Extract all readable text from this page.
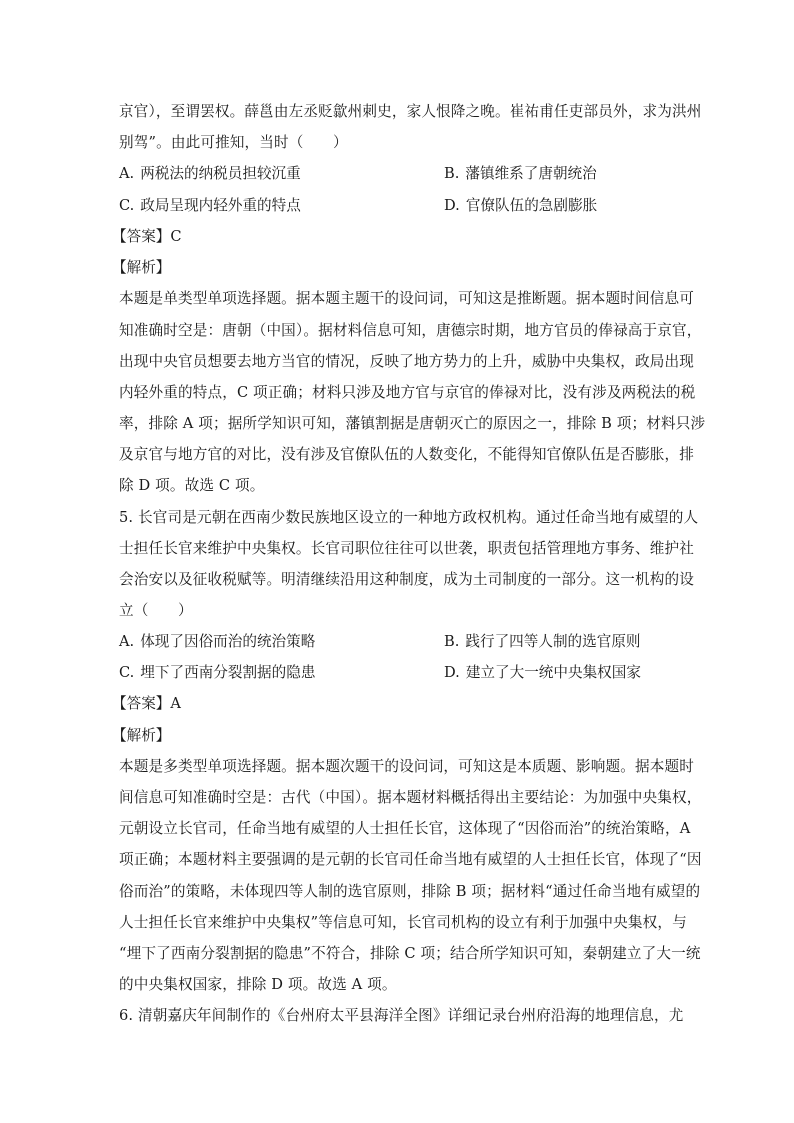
京官），至谓罢权。薛邕由左丞贬歙州刺史，家人恨降之晚。崔祐甫任吏部员外，求为洪州
别驾”。由此可推知，当时（　　）
A. 两税法的纳税员担较沉重	B. 藩镇维系了唐朝统治
C. 政局呈现内轻外重的特点	D. 官僚队伍的急剧膨胀
【答案】C
【解析】
本题是单类型单项选择题。据本题主题干的设问词，可知这是推断题。据本题时间信息可
知准确时空是：唐朝（中国）。据材料信息可知，唐德宗时期，地方官员的俸禄高于京官，
出现中央官员想要去地方当官的情况，反映了地方势力的上升，威胁中央集权，政局出现
内轻外重的特点，C 项正确；材料只涉及地方官与京官的俸禄对比，没有涉及两税法的税
率，排除 A 项；据所学知识可知，藩镇割据是唐朝灭亡的原因之一，排除 B 项；材料只涉
及京官与地方官的对比，没有涉及官僚队伍的人数变化，不能得知官僚队伍是否膨胀，排
除 D 项。故选 C 项。
5. 长官司是元朝在西南少数民族地区设立的一种地方政权机构。通过任命当地有威望的人
士担任长官来维护中央集权。长官司职位往往可以世袭，职责包括管理地方事务、维护社
会治安以及征收税赋等。明清继续沿用这种制度，成为土司制度的一部分。这一机构的设
立（　　）
A. 体现了因俗而治的统治策略	B. 践行了四等人制的选官原则
C. 埋下了西南分裂割据的隐患	D. 建立了大一统中央集权国家
【答案】A
【解析】
本题是多类型单项选择题。据本题次题干的设问词，可知这是本质题、影响题。据本题时
间信息可知准确时空是：古代（中国）。据本题材料概括得出主要结论：为加强中央集权，
元朝设立长官司，任命当地有威望的人士担任长官，这体现了“因俗而治”的统治策略，A
项正确；本题材料主要强调的是元朝的长官司任命当地有威望的人士担任长官，体现了“因
俗而治”的策略，未体现四等人制的选官原则，排除 B 项；据材料“通过任命当地有威望的
人士担任长官来维护中央集权”等信息可知，长官司机构的设立有利于加强中央集权，与
“埋下了西南分裂割据的隐患”不符合，排除 C 项；结合所学知识可知，秦朝建立了大一统
的中央集权国家，排除 D 项。故选 A 项。
6. 清朝嘉庆年间制作的《台州府太平县海洋全图》详细记录台州府沿海的地理信息，尤
